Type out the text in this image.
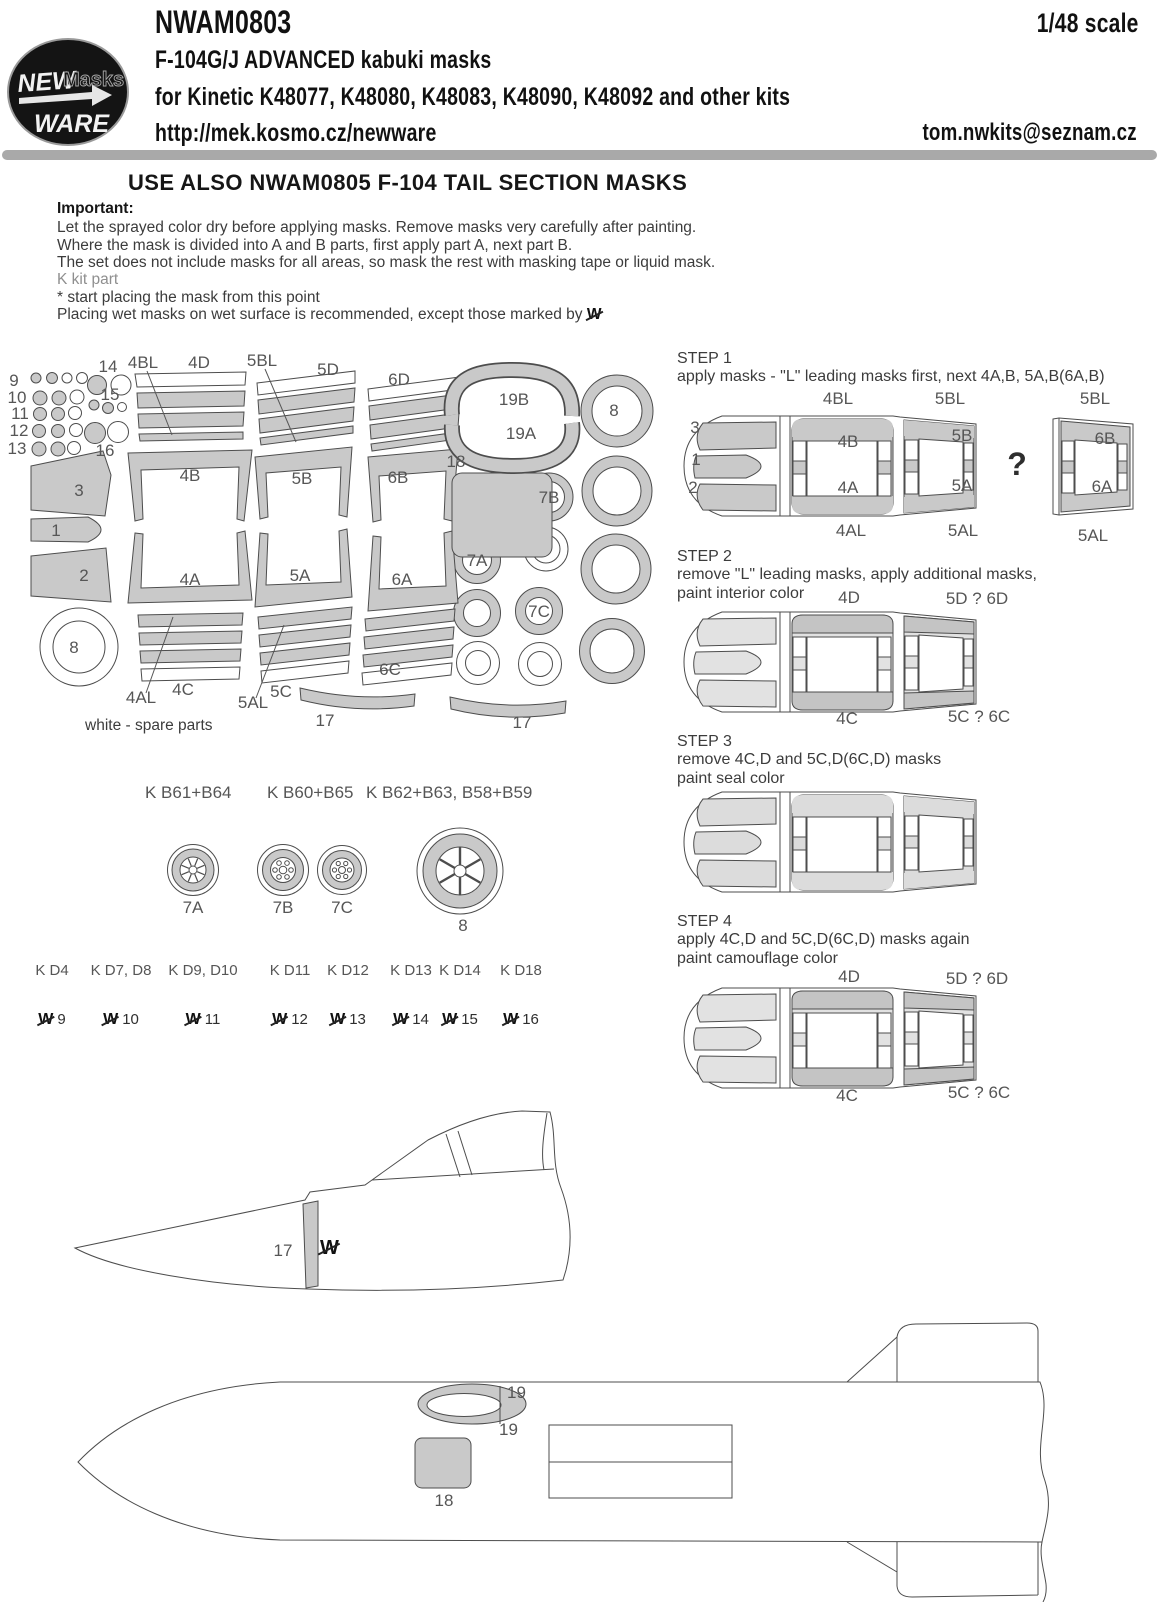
NEW
Masks
WARE
NWAM0803	1/48 scale
F-104G/J ADVANCED kabuki masks
for Kinetic K48077, K48080, K48083, K48090, K48092 and other kits
http://mek.kosmo.cz/newware	tom.nwkits@seznam.cz
USE ALSO NWAM0805 F-104 TAIL SECTION MASKS
Important:
Let the sprayed color dry before applying masks. Remove masks very carefully after painting.
Where the mask is divided into A and B parts, first apply part A, next part B.
The set does not include masks for all areas, so mask the rest with masking tape or liquid mask.
K kit part
* start placing the mask from this point
Placing wet masks on wet surface is recommended, except those marked by W
9
10
11
12
13
14
15
16
4BL 4D 5BL 5D
6D
19B
19A
8
18
7B
3
1
2
4B	5B	6B
4A	5A	6A
7A
7C
8
4AL 4C
5AL
5C
6C
17	17
white - spare parts
STEP 1
apply masks - "L" leading masks first, next 4A,B, 5A,B(6A,B)
STEP 2
remove "L" leading masks, apply additional masks,
paint interior color
STEP 3
remove 4C,D and 5C,D(6C,D) masks
paint seal color
STEP 4
apply 4C,D and 5C,D(6C,D) masks again
paint camouflage color
?
K B61+B64 K B60+B65 K B62+B63, B58+B59
7A	7B 7C
8
K D4
W 9
K D7, D8
W 10
K D9, D10
W 11
K D11
W 12
K D12
W 13
K D13
W 14
K D14
W 15
K D18
W 16
17 W
19
19
18
4BL	5BL	5BL
3
1
2
4B
4A
5B
5A
6B
6A
4AL	5AL	5AL
4D	5D ? 6D
4C	5C ? 6C
4D	5D ? 6D
4C	5C ? 6C
